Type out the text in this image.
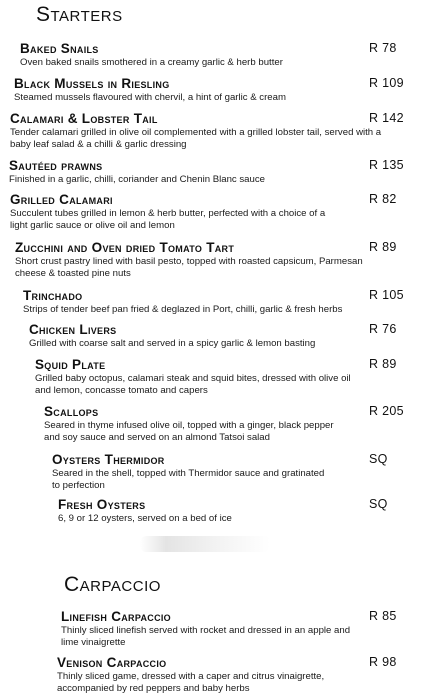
Starters
Baked Snails
Oven baked snails smothered in a creamy garlic & herb butter
R 78
Black Mussels in Riesling
Steamed mussels flavoured with chervil, a hint of garlic & cream
R 109
Calamari & Lobster Tail
Tender calamari grilled in olive oil complemented with a grilled lobster tail, served with a baby leaf salad & a chilli & garlic dressing
R 142
Sautéed prawns
Finished in a garlic, chilli, coriander and Chenin Blanc sauce
R 135
Grilled Calamari
Succulent tubes grilled in lemon & herb butter, perfected with a choice of a light garlic sauce or olive oil and lemon
R 82
Zucchini and Oven dried Tomato Tart
Short crust pastry lined with basil pesto, topped with roasted capsicum, Parmesan cheese & toasted pine nuts
R 89
Trinchado
Strips of tender beef pan fried & deglazed in Port, chilli, garlic & fresh herbs
R 105
Chicken Livers
Grilled with coarse salt and served in a spicy garlic & lemon basting
R 76
Squid Plate
Grilled baby octopus, calamari steak and squid bites, dressed with olive oil and lemon, concasse tomato and capers
R 89
Scallops
Seared in thyme infused olive oil, topped with a ginger, black pepper and soy sauce and served on an almond Tatsoi salad
R 205
Oysters Thermidor
Seared in the shell, topped with Thermidor sauce and gratinated to perfection
SQ
Fresh Oysters
6, 9 or 12 oysters, served on a bed of ice
SQ
Carpaccio
Linefish Carpaccio
Thinly sliced linefish served with rocket and dressed in an apple and lime vinaigrette
R 85
Venison Carpaccio
Thinly sliced game, dressed with a caper and citrus vinaigrette, accompanied by red peppers and baby herbs
R 98
